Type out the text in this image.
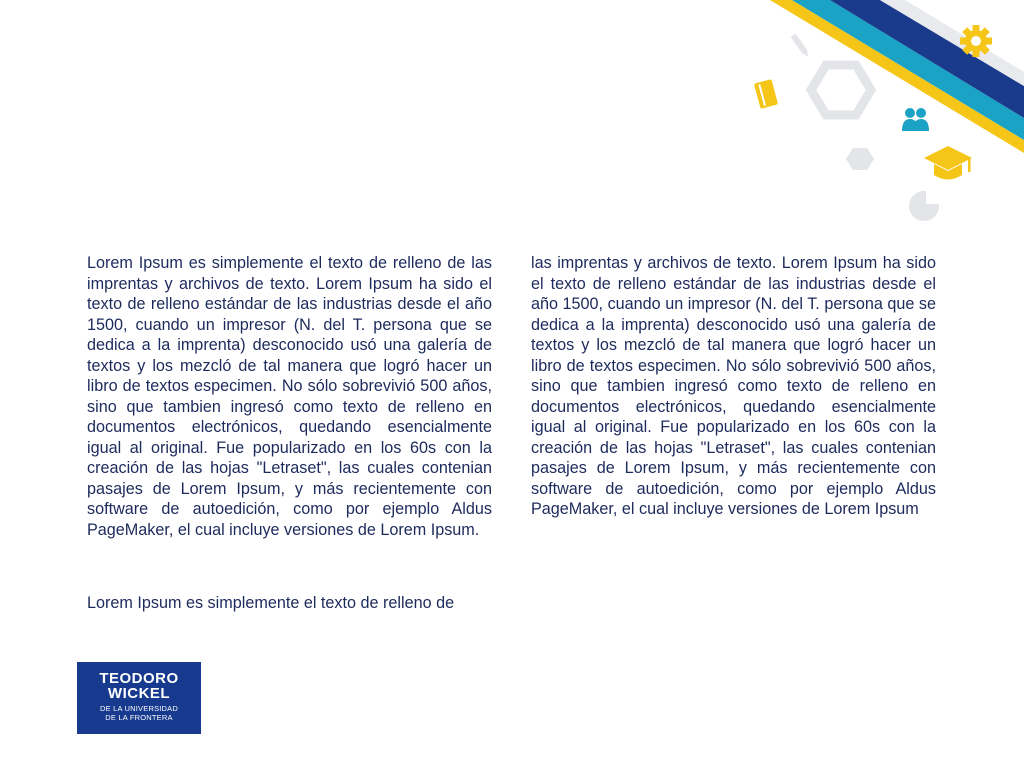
Lorem Ipsum es simplemente el texto de relleno de las imprentas y archivos de texto. Lorem Ipsum ha sido el texto de relleno estándar de las industrias desde el año 1500, cuando un impresor (N. del T. persona que se dedica a la imprenta) desconocido usó una galería de textos y los mezcló de tal manera que logró hacer un libro de textos especimen. No sólo sobrevivió 500 años, sino que tambien ingresó como texto de relleno en documentos electrónicos, quedando esencialmente igual al original. Fue popularizado en los 60s con la creación de las hojas "Letraset", las cuales contenian pasajes de Lorem Ipsum, y más recientemente con software de autoedición, como por ejemplo Aldus PageMaker, el cual incluye versiones de Lorem Ipsum.

Lorem Ipsum es simplemente el texto de relleno de

las imprentas y archivos de texto. Lorem Ipsum ha sido el texto de relleno estándar de las industrias desde el año 1500, cuando un impresor (N. del T. persona que se dedica a la imprenta) desconocido usó una galería de textos y los mezcló de tal manera que logró hacer un libro de textos especimen. No sólo sobrevivió 500 años, sino que tambien ingresó como texto de relleno en documentos electrónicos, quedando esencialmente igual al original. Fue popularizado en los 60s con la creación de las hojas "Letraset", las cuales contenian pasajes de Lorem Ipsum, y más recientemente con software de autoedición, como por ejemplo Aldus PageMaker, el cual incluye versiones de Lorem Ipsum

TEODORO
WICKEL
DE LA UNIVERSIDAD
DE LA FRONTERA
